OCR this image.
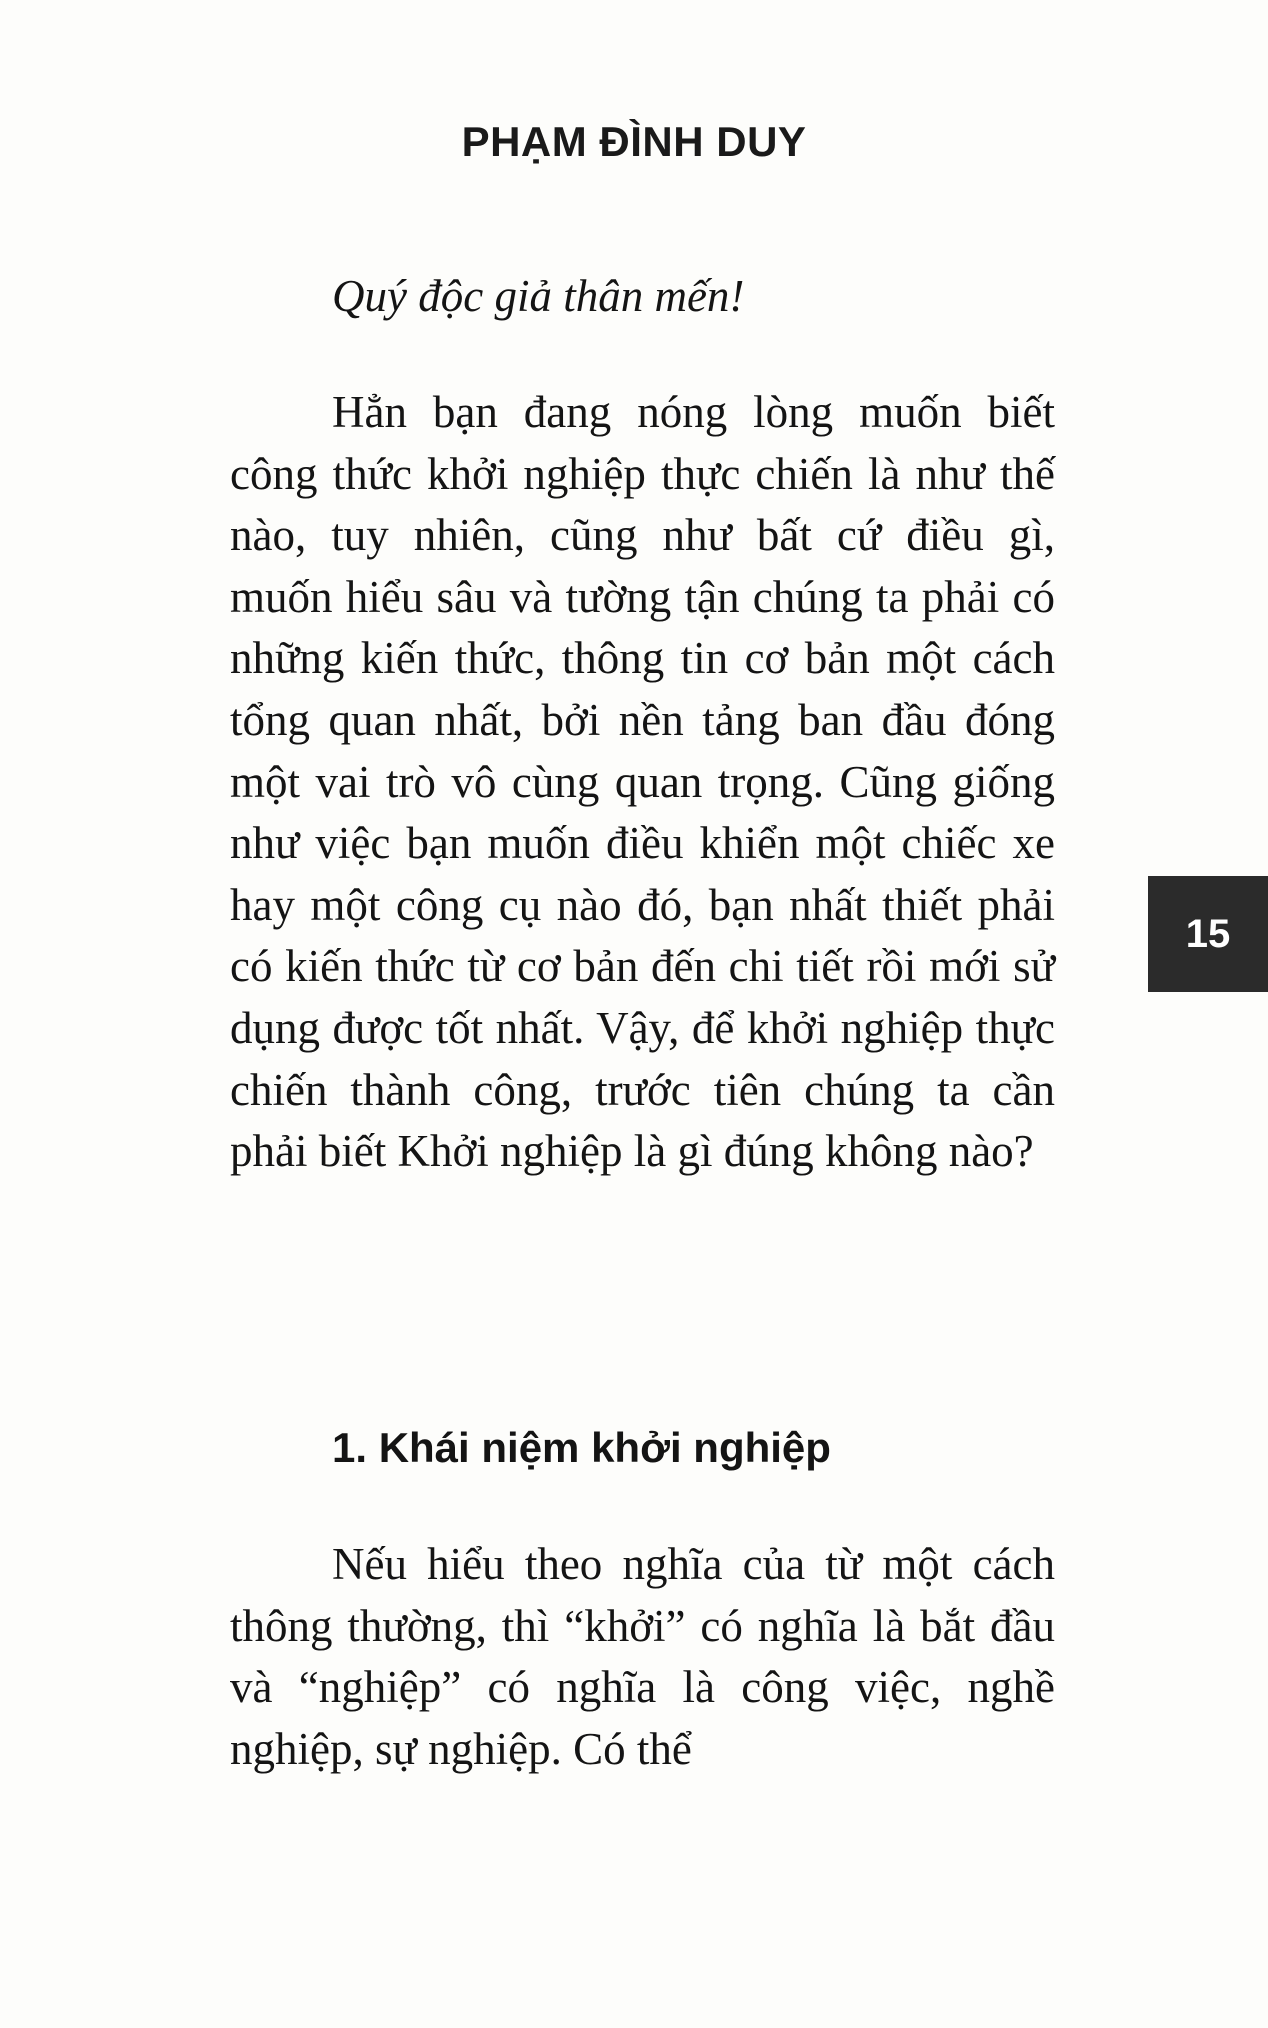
PHẠM ĐÌNH DUY
Quý độc giả thân mến!

Hẳn bạn đang nóng lòng muốn biết công thức khởi nghiệp thực chiến là như thế nào, tuy nhiên, cũng như bất cứ điều gì, muốn hiểu sâu và tường tận chúng ta phải có những kiến thức, thông tin cơ bản một cách tổng quan nhất, bởi nền tảng ban đầu đóng một vai trò vô cùng quan trọng. Cũng giống như việc bạn muốn điều khiển một chiếc xe hay một công cụ nào đó, bạn nhất thiết phải có kiến thức từ cơ bản đến chi tiết rồi mới sử dụng được tốt nhất. Vậy, để khởi nghiệp thực chiến thành công, trước tiên chúng ta cần phải biết Khởi nghiệp là gì đúng không nào?

1. Khái niệm khởi nghiệp

Nếu hiểu theo nghĩa của từ một cách thông thường, thì “khởi” có nghĩa là bắt đầu và “nghiệp” có nghĩa là công việc, nghề nghiệp, sự nghiệp. Có thể

15
